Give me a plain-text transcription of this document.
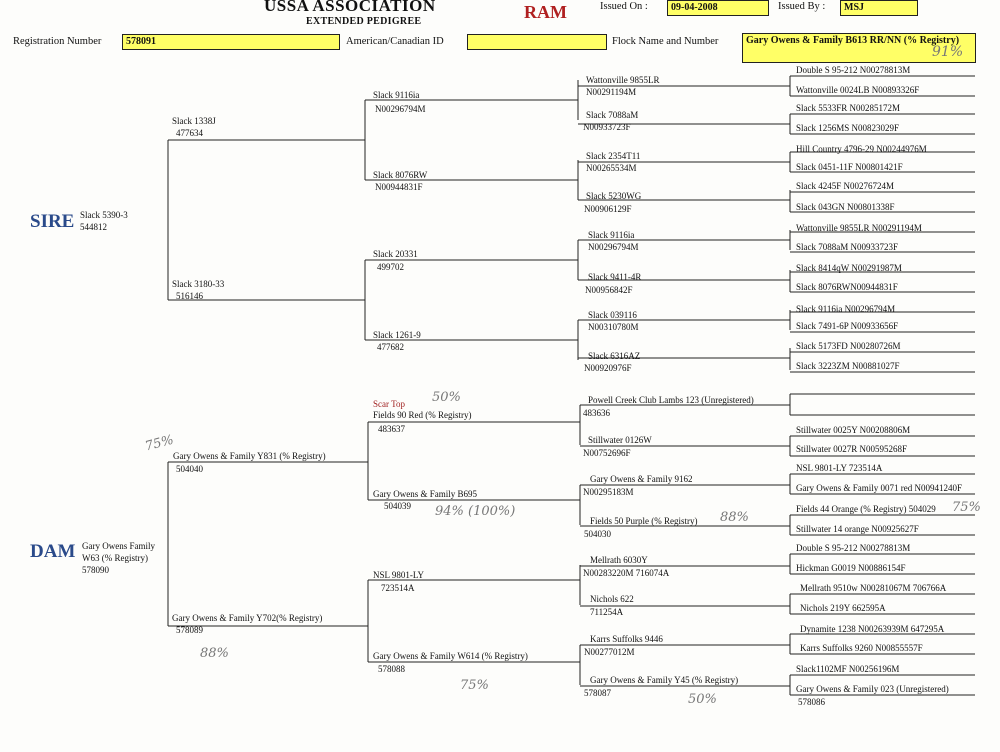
USSA ASSOCIATION
EXTENDED PEDIGREE	RAM	Issued On :	09-04-2008	Issued By :	MSJ
Registration Number	578091	American/Canadian ID	Flock Name and Number	Gary Owens & Family B613 RR/NN (% Registry)
91%
SIRE Slack 5390-3
544812
Slack 1338J
477634
Slack 3180-33
516146
Slack 9116ia
N00296794M
Slack 8076RW
N00944831F
Slack 20331
499702
Slack 1261-9
477682
Wattonville 9855LR
N00291194M
Slack 7088aM
N00933723F
Slack 2354T11
N00265534M
Slack 5230WG
N00906129F
Slack 9116ia
N00296794M
Slack 9411-4R
N00956842F
Slack 039116
N00310780M
Slack 6316AZ
N00920976F
Double S 95-212 N00278813M
Wattonville 0024LB N00893326F
Slack 5533FR N00285172M
Slack 1256MS N00823029F
Hill Country 4796-29 N00244976M
Slack 0451-11F N00801421F
Slack 4245F N00276724M
Slack 043GN N00801338F
Wattonville 9855LR N00291194M
Slack 7088aM N00933723F
Slack 8414qW N00291987M
Slack 8076RWN00944831F
Slack 9116ia N00296794M
Slack 7491-6P N00933656F
Slack 5173FD N00280726M
Slack 3223ZM N00881027F
DAM Gary Owens Family
W63 (% Registry)
578090
Gary Owens & Family Y831 (% Registry)
504040
75%
Gary Owens & Family Y702(% Registry)
578089
88%
Scar Top 50%
Fields 90 Red (% Registry)
483637
Gary Owens & Family B695
504039 94% (100%)
NSL 9801-LY
723514A
Gary Owens & Family W614 (% Registry)
578088
75%
Powell Creek Club Lambs 123 (Unregistered)
483636
Stillwater 0126W
N00752696F
Gary Owens & Family 9162
N00295183M
Fields 50 Purple (% Registry)
504030
88%
Mellrath 6030Y
N00283220M 716074A
Nichols 622
711254A
Karrs Suffolks 9446
N00277012M
Gary Owens & Family Y45 (% Registry)
578087	50%
Stillwater 0025Y N00208806M
Stillwater 0027R N00595268F
NSL 9801-LY 723514A
Gary Owens & Family 0071 red N00941240F
Fields 44 Orange (% Registry) 504029 75%
Stillwater 14 orange N00925627F
Double S 95-212 N00278813M
Hickman G0019 N00886154F
Mellrath 9510w N00281067M 706766A
Nichols 219Y 662595A
Dynamite 1238 N00263939M 647295A
Karrs Suffolks 9260 N00855557F
Slack1102MF N00256196M
Gary Owens & Family 023 (Unregistered)
578086
